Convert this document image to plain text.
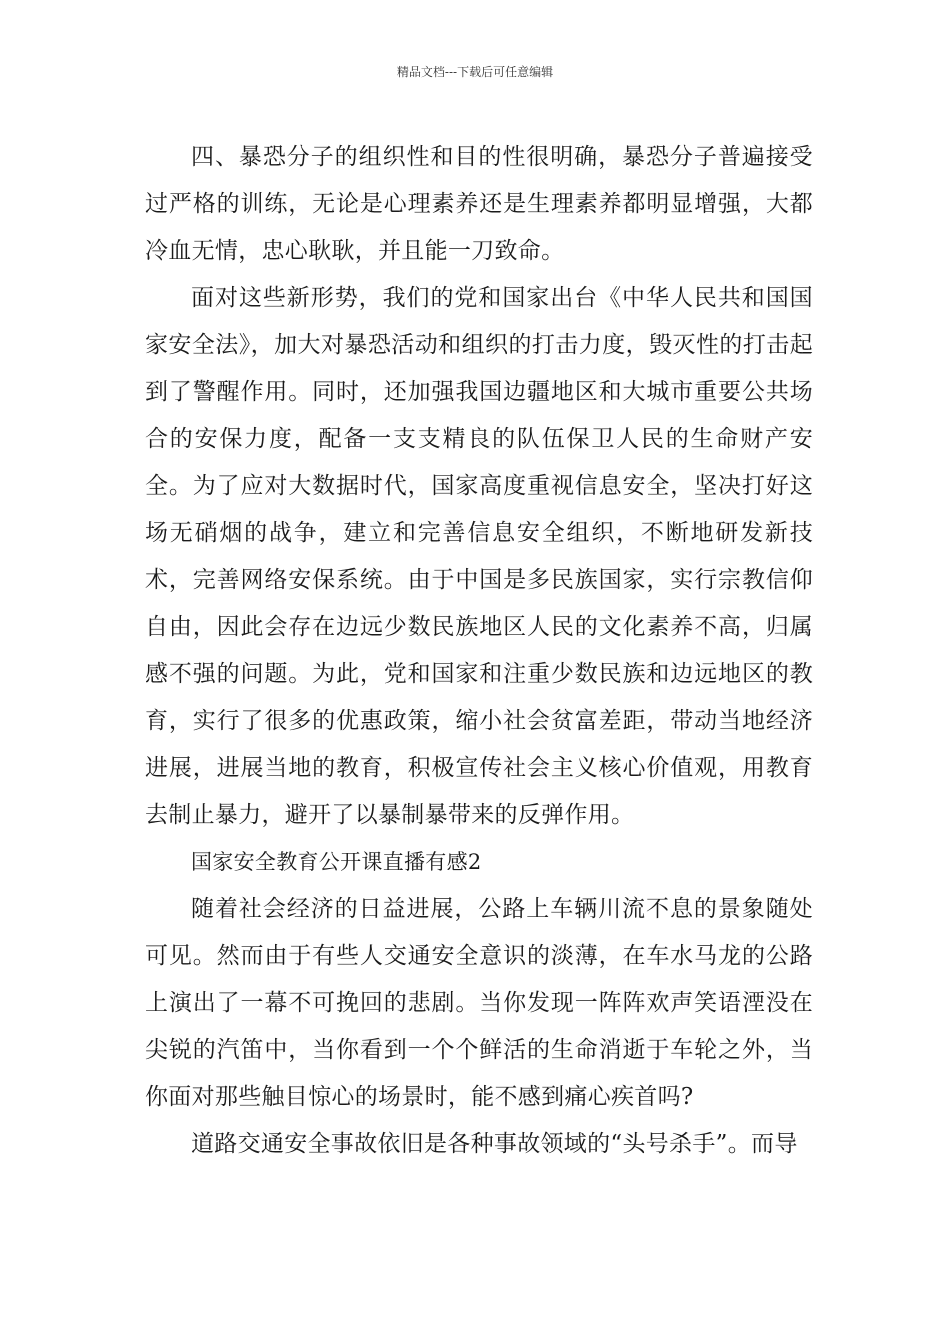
精品文档---下载后可任意编辑

四、暴恐分子的组织性和目的性很明确，暴恐分子普遍接受过严格的训练，无论是心理素养还是生理素养都明显增强，大都冷血无情，忠心耿耿，并且能一刀致命。

面对这些新形势，我们的党和国家出台《中华人民共和国国家安全法》，加大对暴恐活动和组织的打击力度，毁灭性的打击起到了警醒作用。同时，还加强我国边疆地区和大城市重要公共场合的安保力度，配备一支支精良的队伍保卫人民的生命财产安全。为了应对大数据时代，国家高度重视信息安全，坚决打好这场无硝烟的战争，建立和完善信息安全组织，不断地研发新技术，完善网络安保系统。由于中国是多民族国家，实行宗教信仰自由，因此会存在边远少数民族地区人民的文化素养不高，归属感不强的问题。为此，党和国家和注重少数民族和边远地区的教育，实行了很多的优惠政策，缩小社会贫富差距，带动当地经济进展，进展当地的教育，积极宣传社会主义核心价值观，用教育去制止暴力，避开了以暴制暴带来的反弹作用。

国家安全教育公开课直播有感2

随着社会经济的日益进展，公路上车辆川流不息的景象随处可见。然而由于有些人交通安全意识的淡薄，在车水马龙的公路上演出了一幕不可挽回的悲剧。当你发现一阵阵欢声笑语湮没在尖锐的汽笛中，当你看到一个个鲜活的生命消逝于车轮之外，当你面对那些触目惊心的场景时，能不感到痛心疾首吗?

道路交通安全事故依旧是各种事故领域的“头号杀手”。而导
